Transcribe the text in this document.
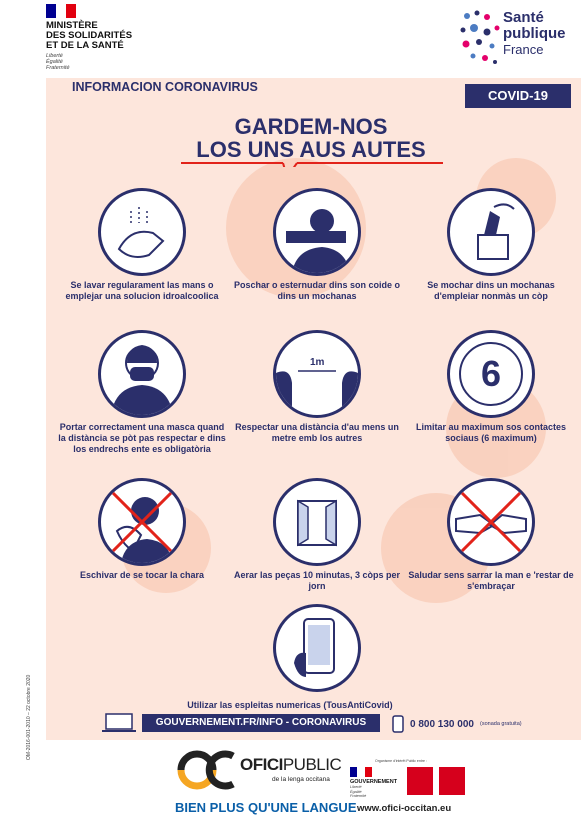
MINISTÈRE
DES SOLIDARITÉS
ET DE LA SANTÉ
Liberté
Égalité
Fraternité
Santé
publique
France
INFORMACION CORONAVIRUS
COVID-19
GARDEM-NOS
LOS UNS AUS AUTES
Se lavar regularament las mans o emplejar una solucion idroalcoolica
Poschar o esternudar dins son coide o dins un mochanas
Se mochar dins un mochanas d'empleiar nonmàs un còp
Portar correctament una masca quand la distància se pòt pas respectar e dins los endrechs ente es obligatòria
1m
Respectar una distància d'au mens un metre emb los autres
6
Limitar au maximum sos contactes sociaus (6 maximum)
Eschivar de se tocar la chara	Aerar las peças 10 minutas, 3 còps per jorn
Saludar sens sarrar la man e 'restar de s'embraçar
Utilizar las espleitas numericas (TousAntiCovid)
GOUVERNEMENT.FR/INFO - CORONAVIRUS	0 800 130 000 (sonada gratuita)
OM-2016-001-2010 – 22 octobre 2020
OFICIPUBLIC
de la lenga occitana
BIEN PLUS QU'UNE LANGUE www.ofici-occitan.eu
Organisme d'intérêt Public entre :
GOUVERNEMENT
Liberté
Égalité
Fraternité
